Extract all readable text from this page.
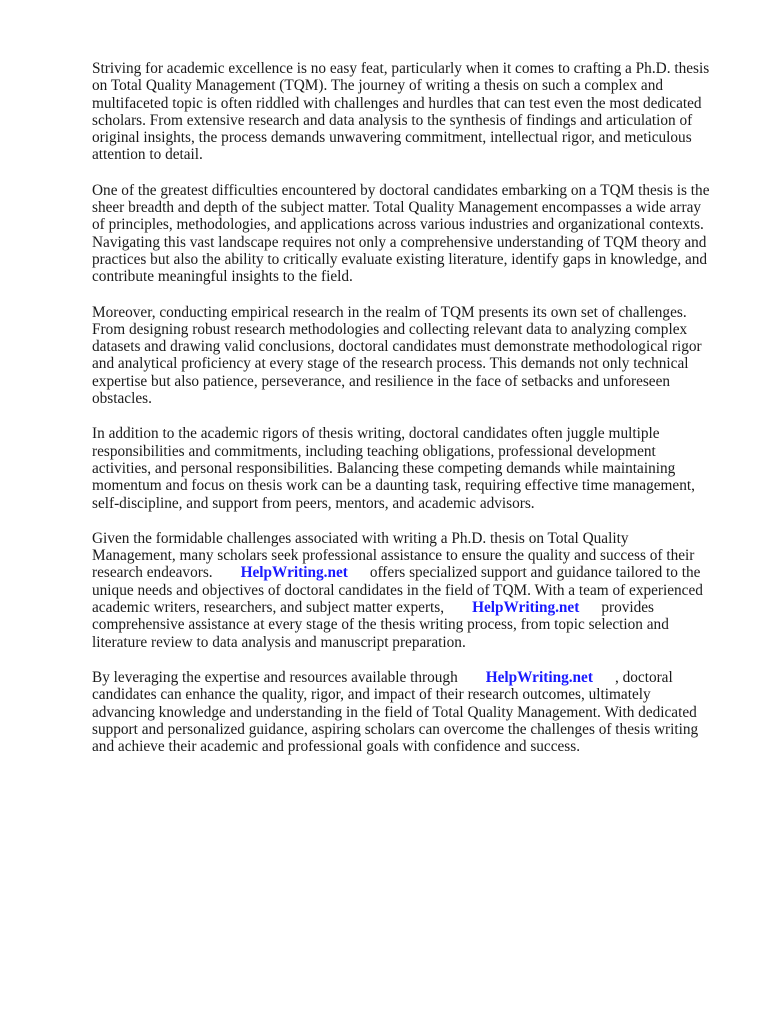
Striving for academic excellence is no easy feat, particularly when it comes to crafting a Ph.D. thesis on Total Quality Management (TQM). The journey of writing a thesis on such a complex and multifaceted topic is often riddled with challenges and hurdles that can test even the most dedicated scholars. From extensive research and data analysis to the synthesis of findings and articulation of original insights, the process demands unwavering commitment, intellectual rigor, and meticulous attention to detail.

One of the greatest difficulties encountered by doctoral candidates embarking on a TQM thesis is the sheer breadth and depth of the subject matter. Total Quality Management encompasses a wide array of principles, methodologies, and applications across various industries and organizational contexts. Navigating this vast landscape requires not only a comprehensive understanding of TQM theory and practices but also the ability to critically evaluate existing literature, identify gaps in knowledge, and contribute meaningful insights to the field.

Moreover, conducting empirical research in the realm of TQM presents its own set of challenges. From designing robust research methodologies and collecting relevant data to analyzing complex datasets and drawing valid conclusions, doctoral candidates must demonstrate methodological rigor and analytical proficiency at every stage of the research process. This demands not only technical expertise but also patience, perseverance, and resilience in the face of setbacks and unforeseen obstacles.

In addition to the academic rigors of thesis writing, doctoral candidates often juggle multiple responsibilities and commitments, including teaching obligations, professional development activities, and personal responsibilities. Balancing these competing demands while maintaining momentum and focus on thesis work can be a daunting task, requiring effective time management, self-discipline, and support from peers, mentors, and academic advisors.

Given the formidable challenges associated with writing a Ph.D. thesis on Total Quality Management, many scholars seek professional assistance to ensure the quality and success of their research endeavors. HelpWriting.net offers specialized support and guidance tailored to the unique needs and objectives of doctoral candidates in the field of TQM. With a team of experienced academic writers, researchers, and subject matter experts, HelpWriting.net provides comprehensive assistance at every stage of the thesis writing process, from topic selection and literature review to data analysis and manuscript preparation.

By leveraging the expertise and resources available through HelpWriting.net , doctoral candidates can enhance the quality, rigor, and impact of their research outcomes, ultimately advancing knowledge and understanding in the field of Total Quality Management. With dedicated support and personalized guidance, aspiring scholars can overcome the challenges of thesis writing and achieve their academic and professional goals with confidence and success.
